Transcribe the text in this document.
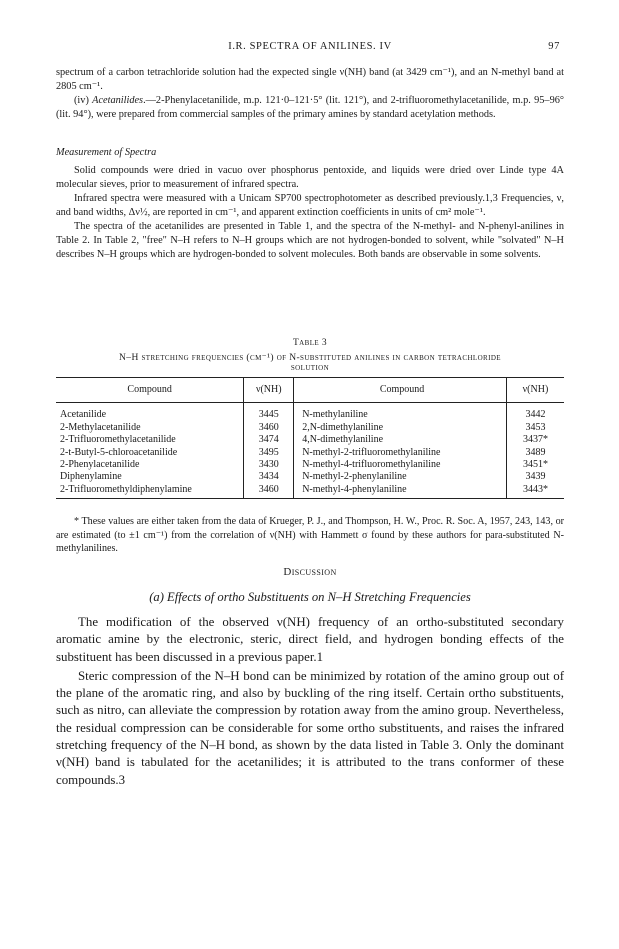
I.R. SPECTRA OF ANILINES. IV	97

spectrum of a carbon tetrachloride solution had the expected single ν(NH) band (at 3429 cm⁻¹), and an N-methyl band at 2805 cm⁻¹.

(iv) Acetanilides.—2-Phenylacetanilide, m.p. 121·0–121·5° (lit. 121°), and 2-trifluoromethylacetanilide, m.p. 95–96° (lit. 94°), were prepared from commercial samples of the primary amines by standard acetylation methods.

Measurement of Spectra

Solid compounds were dried in vacuo over phosphorus pentoxide, and liquids were dried over Linde type 4A molecular sieves, prior to measurement of infrared spectra.

Infrared spectra were measured with a Unicam SP700 spectrophotometer as described previously.1,3 Frequencies, ν, and band widths, Δν½, are reported in cm⁻¹, and apparent extinction coefficients in units of cm² mole⁻¹.

The spectra of the acetanilides are presented in Table 1, and the spectra of the N-methyl- and N-phenyl-anilines in Table 2. In Table 2, "free" N–H refers to N–H groups which are not hydrogen-bonded to solvent, while "solvated" N–H describes N–H groups which are hydrogen-bonded to solvent molecules. Both bands are observable in some solvents.

Table 3
N–H stretching frequencies (cm⁻¹) of N-substituted anilines in carbon tetrachloride
solution
Compound	ν(NH)	Compound	ν(NH)
Acetanilide	3445	N-methylaniline	3442
2-Methylacetanilide	3460	2,N-dimethylaniline	3453
2-Trifluoromethylacetanilide	3474	4,N-dimethylaniline	3437*
2-t-Butyl-5-chloroacetanilide	3495	N-methyl-2-trifluoromethylaniline	3489
2-Phenylacetanilide	3430	N-methyl-4-trifluoromethylaniline	3451*
Diphenylamine	3434	N-methyl-2-phenylaniline	3439
2-Trifluoromethyldiphenylamine	3460	N-methyl-4-phenylaniline	3443*

* These values are either taken from the data of Krueger, P. J., and Thompson, H. W., Proc. R. Soc. A, 1957, 243, 143, or are estimated (to ±1 cm⁻¹) from the correlation of ν(NH) with Hammett σ found by these authors for para-substituted N-methylanilines.

Discussion
(a) Effects of ortho Substituents on N–H Stretching Frequencies

The modification of the observed ν(NH) frequency of an ortho-substituted secondary aromatic amine by the electronic, steric, direct field, and hydrogen bonding effects of the substituent has been discussed in a previous paper.1

Steric compression of the N–H bond can be minimized by rotation of the amino group out of the plane of the aromatic ring, and also by buckling of the ring itself. Certain ortho substituents, such as nitro, can alleviate the compression by rotation away from the amino group. Nevertheless, the residual compression can be considerable for some ortho substituents, and raises the infrared stretching frequency of the N–H bond, as shown by the data listed in Table 3. Only the dominant ν(NH) band is tabulated for the acetanilides; it is attributed to the trans conformer of these compounds.3
